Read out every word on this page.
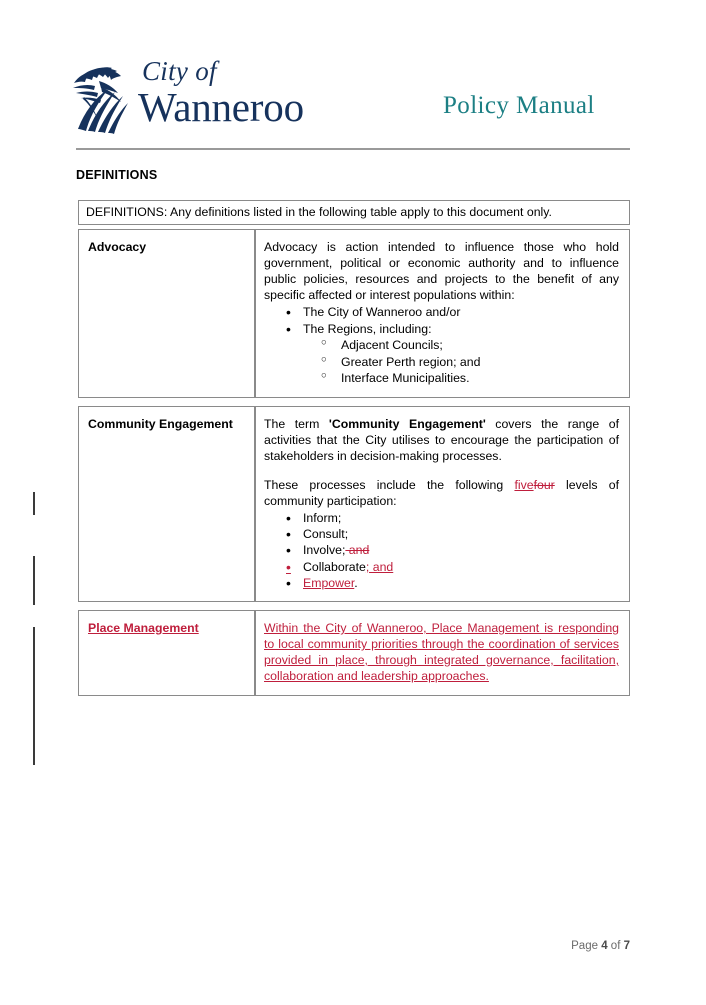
City of
Wanneroo	Policy Manual
DEFINITIONS
DEFINITIONS: Any definitions listed in the following table apply to this document only.
Advocacy	Advocacy is action intended to influence those who hold government, political or economic authority and to influence public policies, resources and projects to the benefit of any specific affected or interest populations within:
• The City of Wanneroo and/or
• The Regions, including:
○ Adjacent Councils;
○ Greater Perth region; and
○ Interface Municipalities.
Community Engagement	The term 'Community Engagement' covers the range of activities that the City utilises to encourage the participation of stakeholders in decision-making processes.
These processes include the following fivefour levels of community participation:
• Inform;
• Consult;
• Involve; and
• Collaborate; and
• Empower.
Place Management	Within the City of Wanneroo, Place Management is responding to local community priorities through the coordination of services provided in place, through integrated governance, facilitation, collaboration and leadership approaches.
Page 4 of 7
